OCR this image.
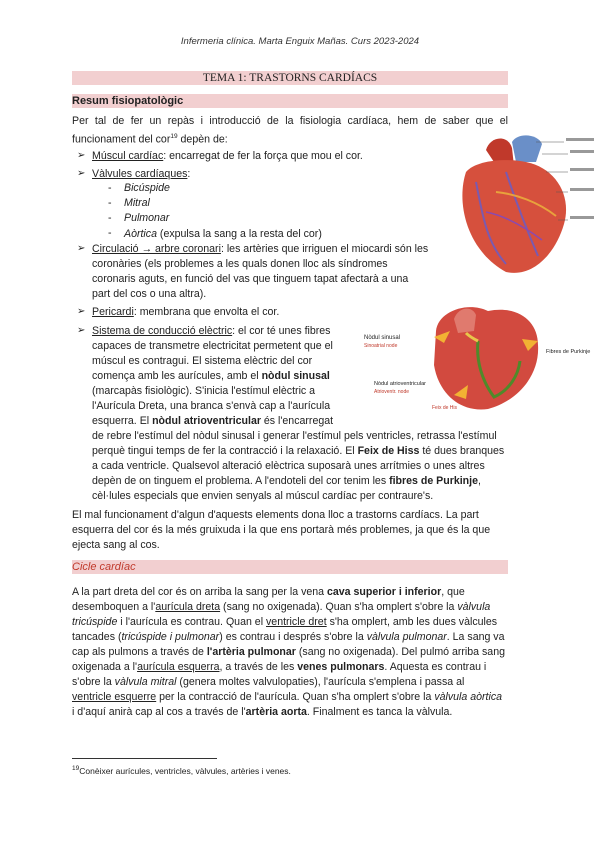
Infermeria clínica. Marta Enguix Mañas. Curs 2023-2024
TEMA 1: TRASTORNS CARDÍACS
Resum fisiopatològic
Per tal de fer un repàs i introducció de la fisiologia cardíaca, hem de saber que el funcionament del cor$^{19}$ depèn de:
➢ Múscul cardíac: encarregat de fer la força que mou el cor.
➢ Vàlvules cardíaques:
- Bicúspide
- Mitral
- Pulmonar
- Aòrtica (expulsa la sang a la resta del cor)
➢ Circulació → arbre coronari: les artèries que irriguen el miocardi són les
coronàries (els problemes a les quals donen lloc als síndromes
coronaris aguts, en funció del vas que tinguem tapat afectarà a una
part del cos o una altra).
➢ Pericardi: membrana que envolta el cor.
Nòdul sinusal
Sinoatrial node
Nòdul atrioventricular
Atrioventr. node
Fibres de Purkinje
Feix de His
➢ Sistema de conducció elèctric: el cor té unes fibres
capaces de transmetre electricitat permetent que el
múscul es contragui. El sistema elèctric del cor
comença amb les aurícules, amb el nòdul sinusal
(marcapàs fisiològic). S'inicia l'estímul elèctric a
l'Aurícula Dreta, una branca s'envà cap a l'aurícula
esquerra. El nòdul atrioventricular és l'encarregat
de rebre l'estímul del nòdul sinusal i generar l'estímul pels ventricles, retrassa l'estímul
perquè tingui temps de fer la contracció i la relaxació. El Feix de Hiss té dues branques
a cada ventricle. Qualsevol alteració elèctrica suposarà unes arrítmies o unes altres
depèn de on tinguem el problema. A l'endoteli del cor tenim les fibres de Purkinje,
cèl·lules especials que envien senyals al múscul cardíac per contraure's.
El mal funcionament d'algun d'aquests elements dona lloc a trastorns cardíacs. La part
esquerra del cor és la més gruixuda i la que ens portarà més problemes, ja que és la que
ejecta sang al cos.
Cicle cardíac
A la part dreta del cor és on arriba la sang per la vena cava superior i inferior, que
desemboquen a l'aurícula dreta (sang no oxigenada). Quan s'ha omplert s'obre la vàlvula
tricúspide i l'aurícula es contrau. Quan el ventricle dret s'ha omplert, amb les dues vàlcules
tancades (tricúspide i pulmonar) es contrau i després s'obre la vàlvula pulmonar. La sang va
cap als pulmons a través de l'artèria pulmonar (sang no oxigenada). Del pulmó arriba sang
oxigenada a l'aurícula esquerra, a través de les venes pulmonars. Aquesta es contrau i
s'obre la vàlvula mitral (genera moltes valvulopaties), l'aurícula s'emplena i passa al
ventricle esquerre per la contracció de l'aurícula. Quan s'ha omplert s'obre la vàlvula aòrtica
i d'aquí anirà cap al cos a través de l'artèria aorta. Finalment es tanca la vàlvula.
$^{19}$Conèixer aurícules, ventricles, vàlvules, artèries i venes.
